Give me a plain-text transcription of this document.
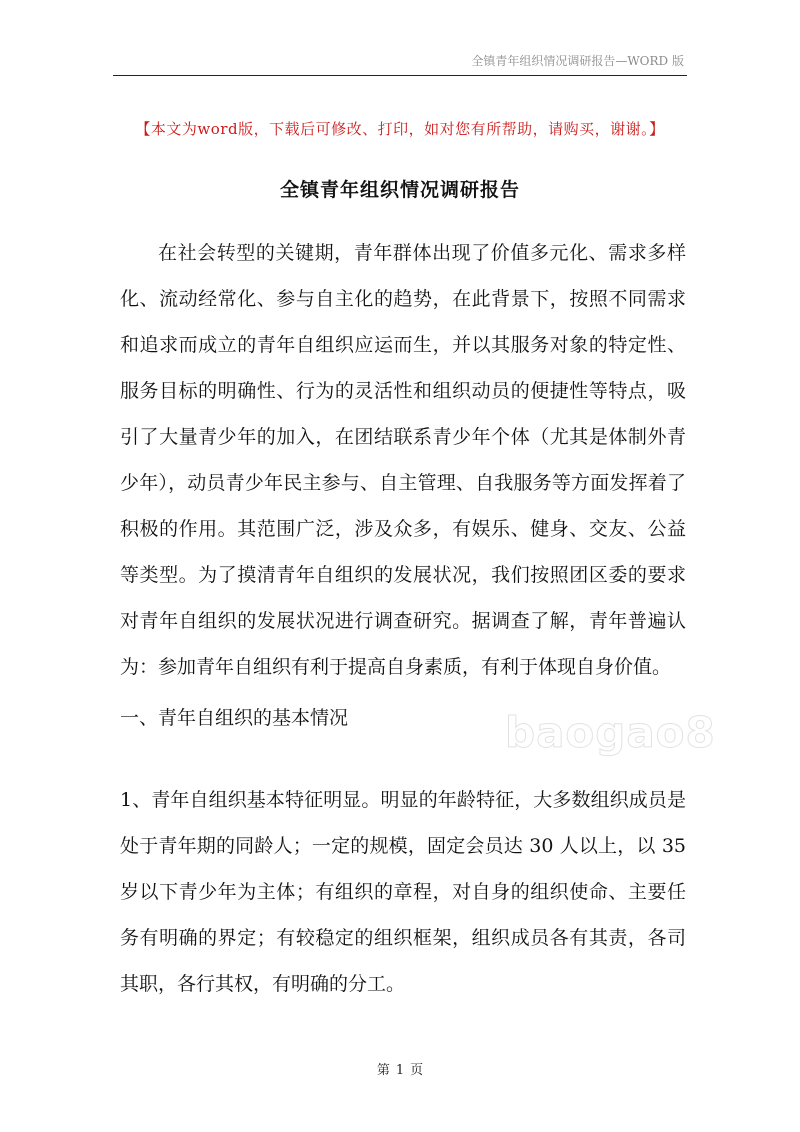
全镇青年组织情况调研报告—WORD 版
【本文为word版，下载后可修改、打印，如对您有所帮助，请购买，谢谢。】
全镇青年组织情况调研报告

在社会转型的关键期，青年群体出现了价值多元化、需求多样化、流动经常化、参与自主化的趋势，在此背景下，按照不同需求和追求而成立的青年自组织应运而生，并以其服务对象的特定性、服务目标的明确性、行为的灵活性和组织动员的便捷性等特点，吸引了大量青少年的加入，在团结联系青少年个体（尤其是体制外青少年），动员青少年民主参与、自主管理、自我服务等方面发挥着了积极的作用。其范围广泛，涉及众多，有娱乐、健身、交友、公益等类型。为了摸清青年自组织的发展状况，我们按照团区委的要求对青年自组织的发展状况进行调查研究。据调查了解，青年普遍认为：参加青年自组织有利于提高自身素质，有利于体现自身价值。

baogao8

一、青年自组织的基本情况

1、青年自组织基本特征明显。明显的年龄特征，大多数组织成员是处于青年期的同龄人；一定的规模，固定会员达 30 人以上，以 35 岁以下青少年为主体；有组织的章程，对自身的组织使命、主要任务有明确的界定；有较稳定的组织框架，组织成员各有其责，各司其职，各行其权，有明确的分工。

第 1 页
